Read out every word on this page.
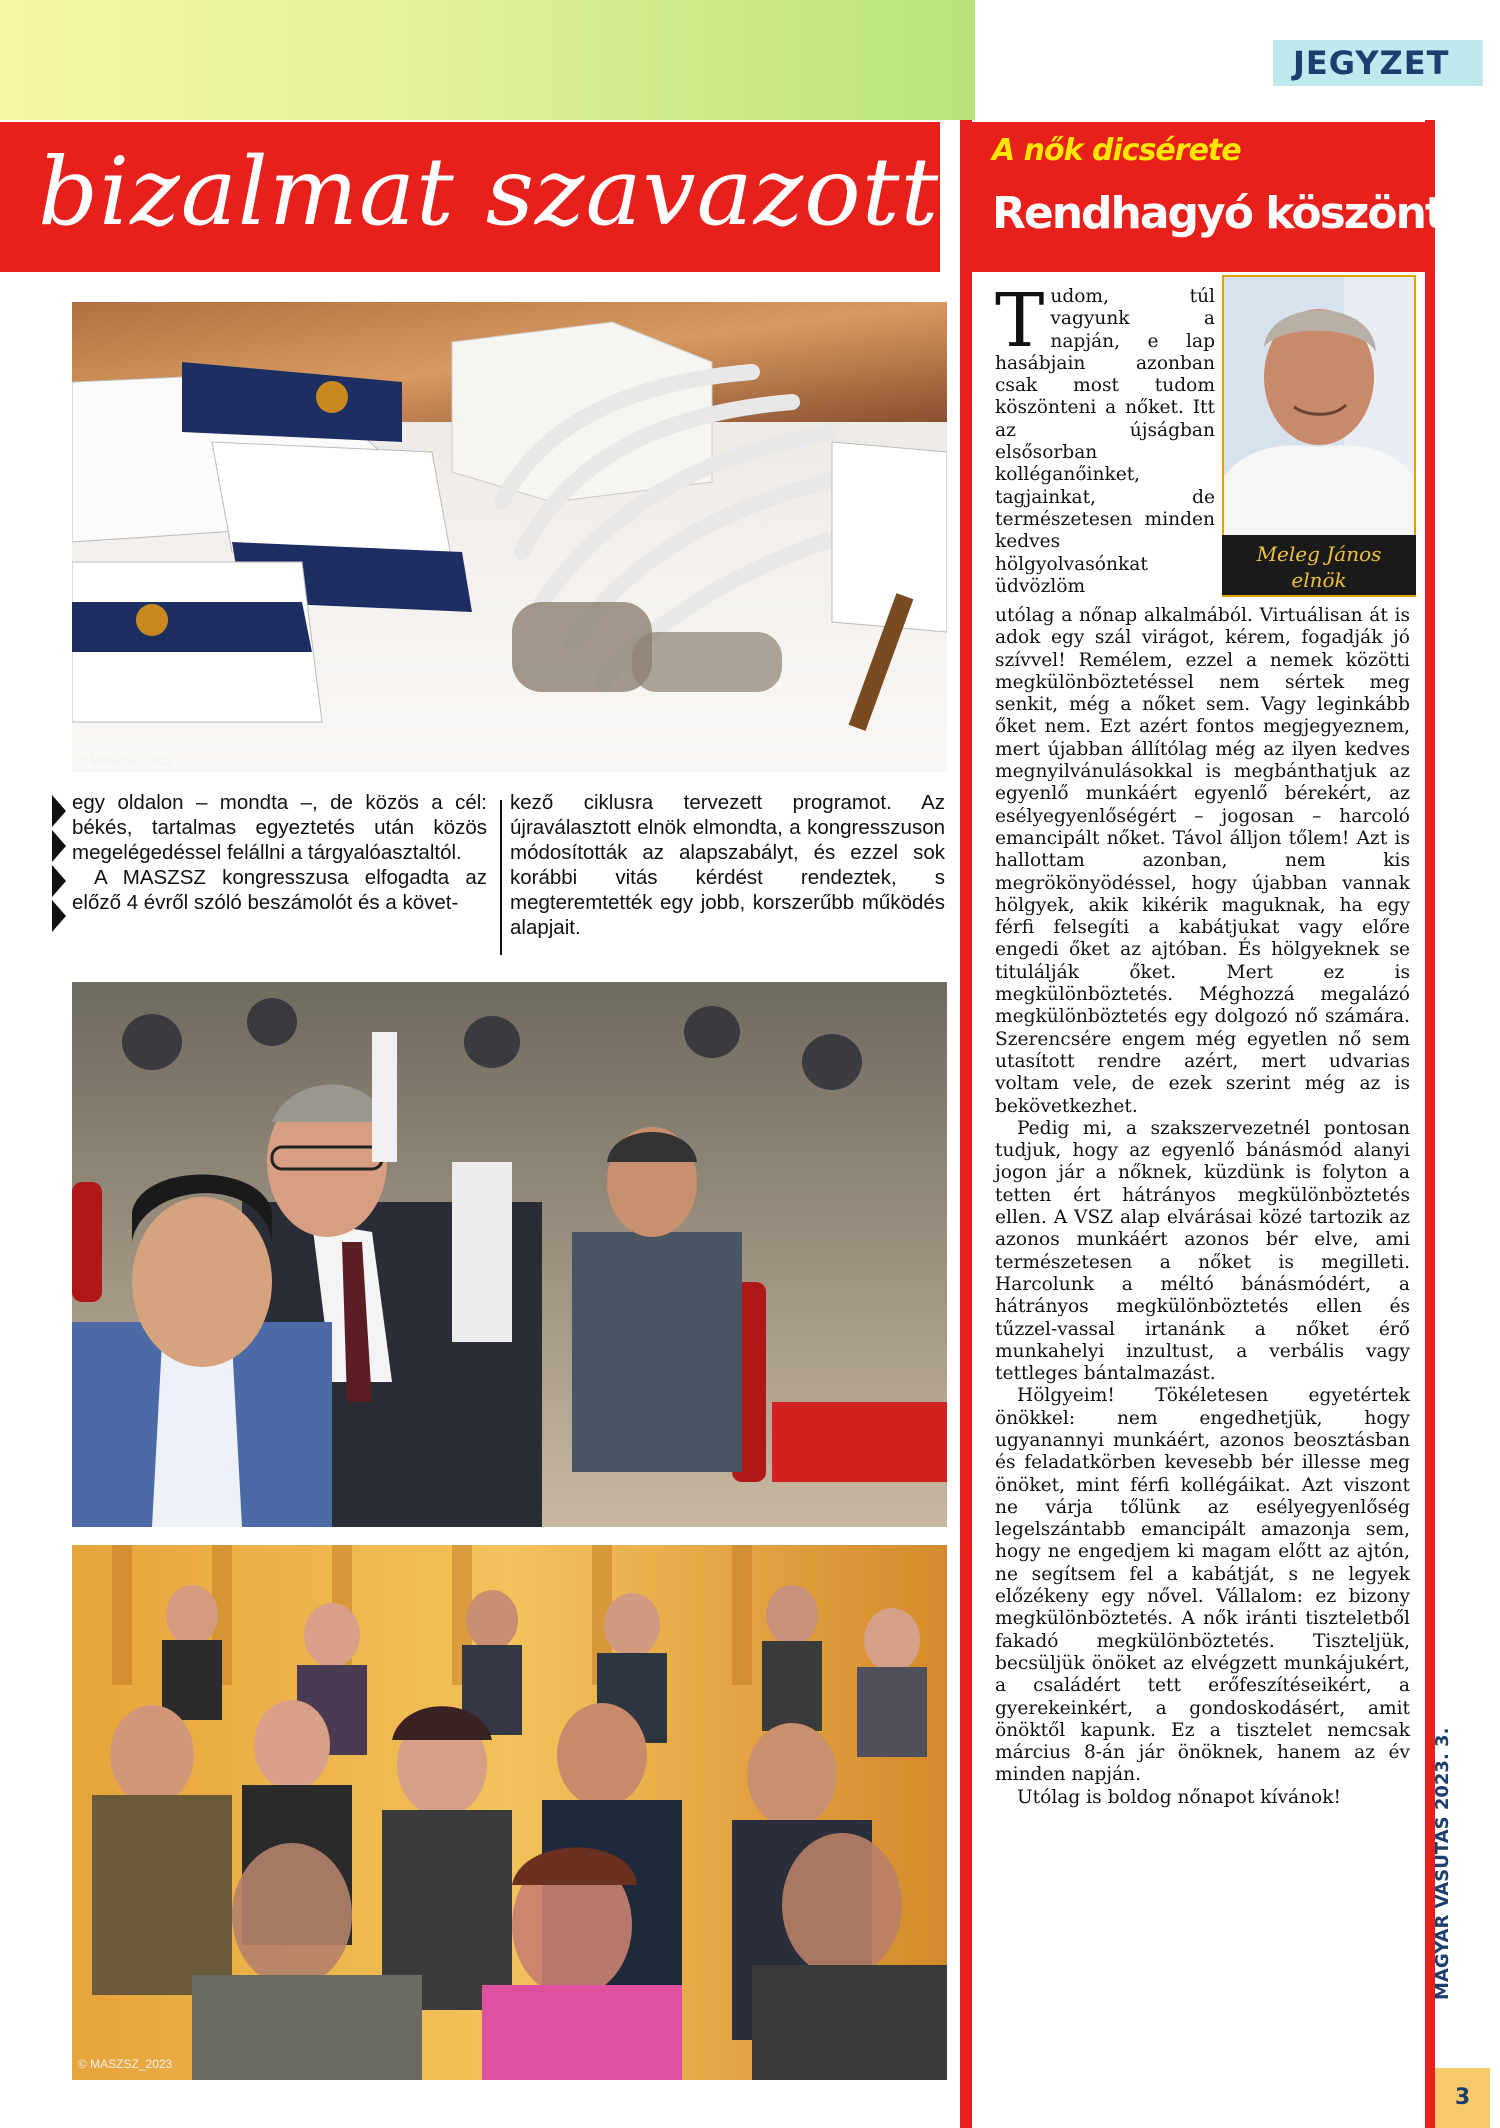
JEGYZET
bizalmat szavazott
© MASZSZ_2023

egy oldalon – mondta –, de közös a cél: békés, tartalmas egyeztetés után közös megelégedéssel felállni a tárgyalóasztaltól.

A MASZSZ kongresszusa elfogadta az előző 4 évről szóló beszámolót és a követ-

kező ciklusra tervezett programot. Az újraválasztott elnök elmondta, a kongresszuson módosították az alapszabályt, és ezzel sok korábbi vitás kérdést rendeztek, s megteremtették egy jobb, korszerűbb működés alapjait.

© MASZSZ_2023
A nők dicsérete
Rendhagyó köszöntő
Meleg János
elnök

Tudom, túl vagyunk a napján, e lap hasábjain azonban csak most tudom köszönteni a nőket. Itt az újságban elsősorban kolléganőinket, tagjainkat, de természetesen minden kedves hölgyolvasónkat üdvözlöm

utólag a nőnap alkalmából. Virtuálisan át is adok egy szál virágot, kérem, fogadják jó szívvel! Remélem, ezzel a nemek közötti megkülönböztetéssel nem sértek meg senkit, még a nőket sem. Vagy leginkább őket nem. Ezt azért fontos megjegyeznem, mert újabban állítólag még az ilyen kedves megnyilvánulásokkal is megbánthatjuk az egyenlő munkáért egyenlő bérekért, az esélyegyenlőségért – jogosan – harcoló emancipált nőket. Távol álljon tőlem! Azt is hallottam azonban, nem kis megrökönyödéssel, hogy újabban vannak hölgyek, akik kikérik maguknak, ha egy férfi felsegíti a kabátjukat vagy előre engedi őket az ajtóban. És hölgyeknek se titulálják őket. Mert ez is megkülönböztetés. Méghozzá megalázó megkülönböztetés egy dolgozó nő számára. Szerencsére engem még egyetlen nő sem utasított rendre azért, mert udvarias voltam vele, de ezek szerint még az is bekövetkezhet.

Pedig mi, a szakszervezetnél pontosan tudjuk, hogy az egyenlő bánásmód alanyi jogon jár a nőknek, küzdünk is folyton a tetten ért hátrányos megkülönböztetés ellen. A VSZ alap elvárásai közé tartozik az azonos munkáért azonos bér elve, ami természetesen a nőket is megilleti. Harcolunk a méltó bánásmódért, a hátrányos megkülönböztetés ellen és tűzzel-vassal irtanánk a nőket érő munkahelyi inzultust, a verbális vagy tettleges bántalmazást.

Hölgyeim! Tökéletesen egyetértek önökkel: nem engedhetjük, hogy ugyanannyi munkáért, azonos beosztásban és feladatkörben kevesebb bér illesse meg önöket, mint férfi kollégáikat. Azt viszont ne várja tőlünk az esélyegyenlőség legelszántabb emancipált amazonja sem, hogy ne engedjem ki magam előtt az ajtón, ne segítsem fel a kabátját, s ne legyek előzékeny egy nővel. Vállalom: ez bizony megkülönböztetés. A nők iránti tiszteletből fakadó megkülönböztetés. Tiszteljük, becsüljük önöket az elvégzett munkájukért, a családért tett erőfeszítéseikért, a gyerekeinkért, a gondoskodásért, amit önöktől kapunk. Ez a tisztelet nemcsak március 8-án jár önöknek, hanem az év minden napján.

Utólag is boldog nőnapot kívánok!	MAGYAR VASUTAS 2023. 3.
3
